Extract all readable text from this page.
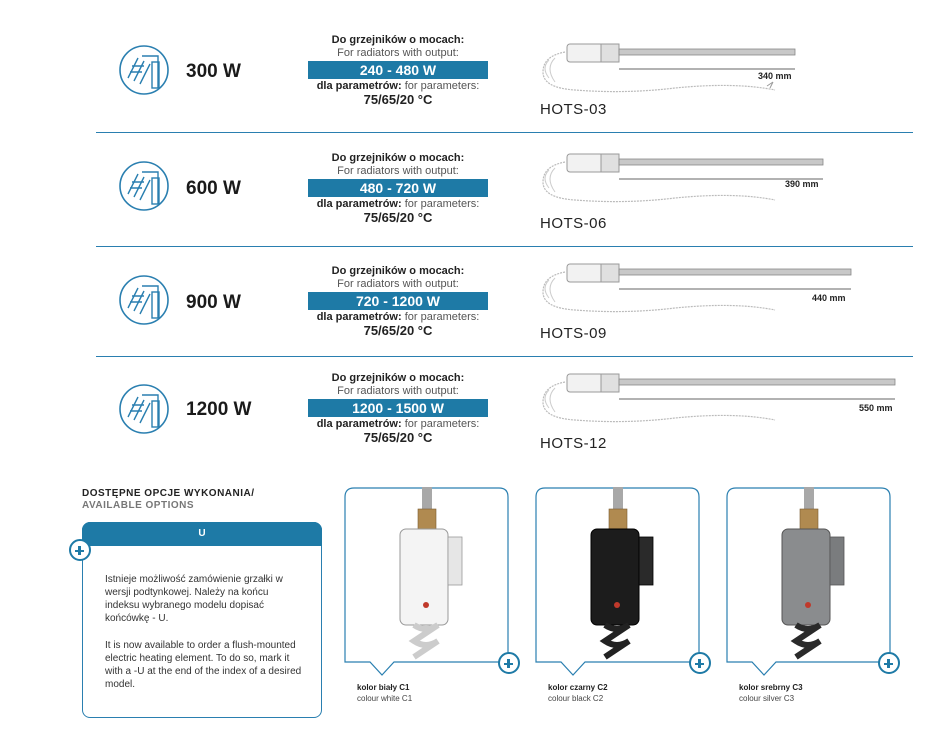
300 W
Do grzejników o mocach:
For radiators with output:
240 - 480 W
dla parametrów: for parameters:
75/65/20 °C
340 mm
HOTS-03
600 W
Do grzejników o mocach:
For radiators with output:
480 - 720 W
dla parametrów: for parameters:
75/65/20 °C
390 mm
HOTS-06
900 W
Do grzejników o mocach:
For radiators with output:
720 - 1200 W
dla parametrów: for parameters:
75/65/20 °C
440 mm
HOTS-09
1200 W
Do grzejników o mocach:
For radiators with output:
1200 - 1500 W
dla parametrów: for parameters:
75/65/20 °C
550 mm
HOTS-12
DOSTĘPNE OPCJE WYKONANIA/
AVAILABLE OPTIONS
U
Istnieje możliwość zamówienie grzałki w wersji podtynkowej. Należy na końcu indeksu wybranego modelu dopisać końcówkę - U.
It is now available to order a flush-mounted electric heating element. To do so, mark it with a -U at the end of the index of a desired model.	kolor biały C1
colour white C1
kolor czarny C2
colour black C2
kolor srebrny C3
colour silver C3
